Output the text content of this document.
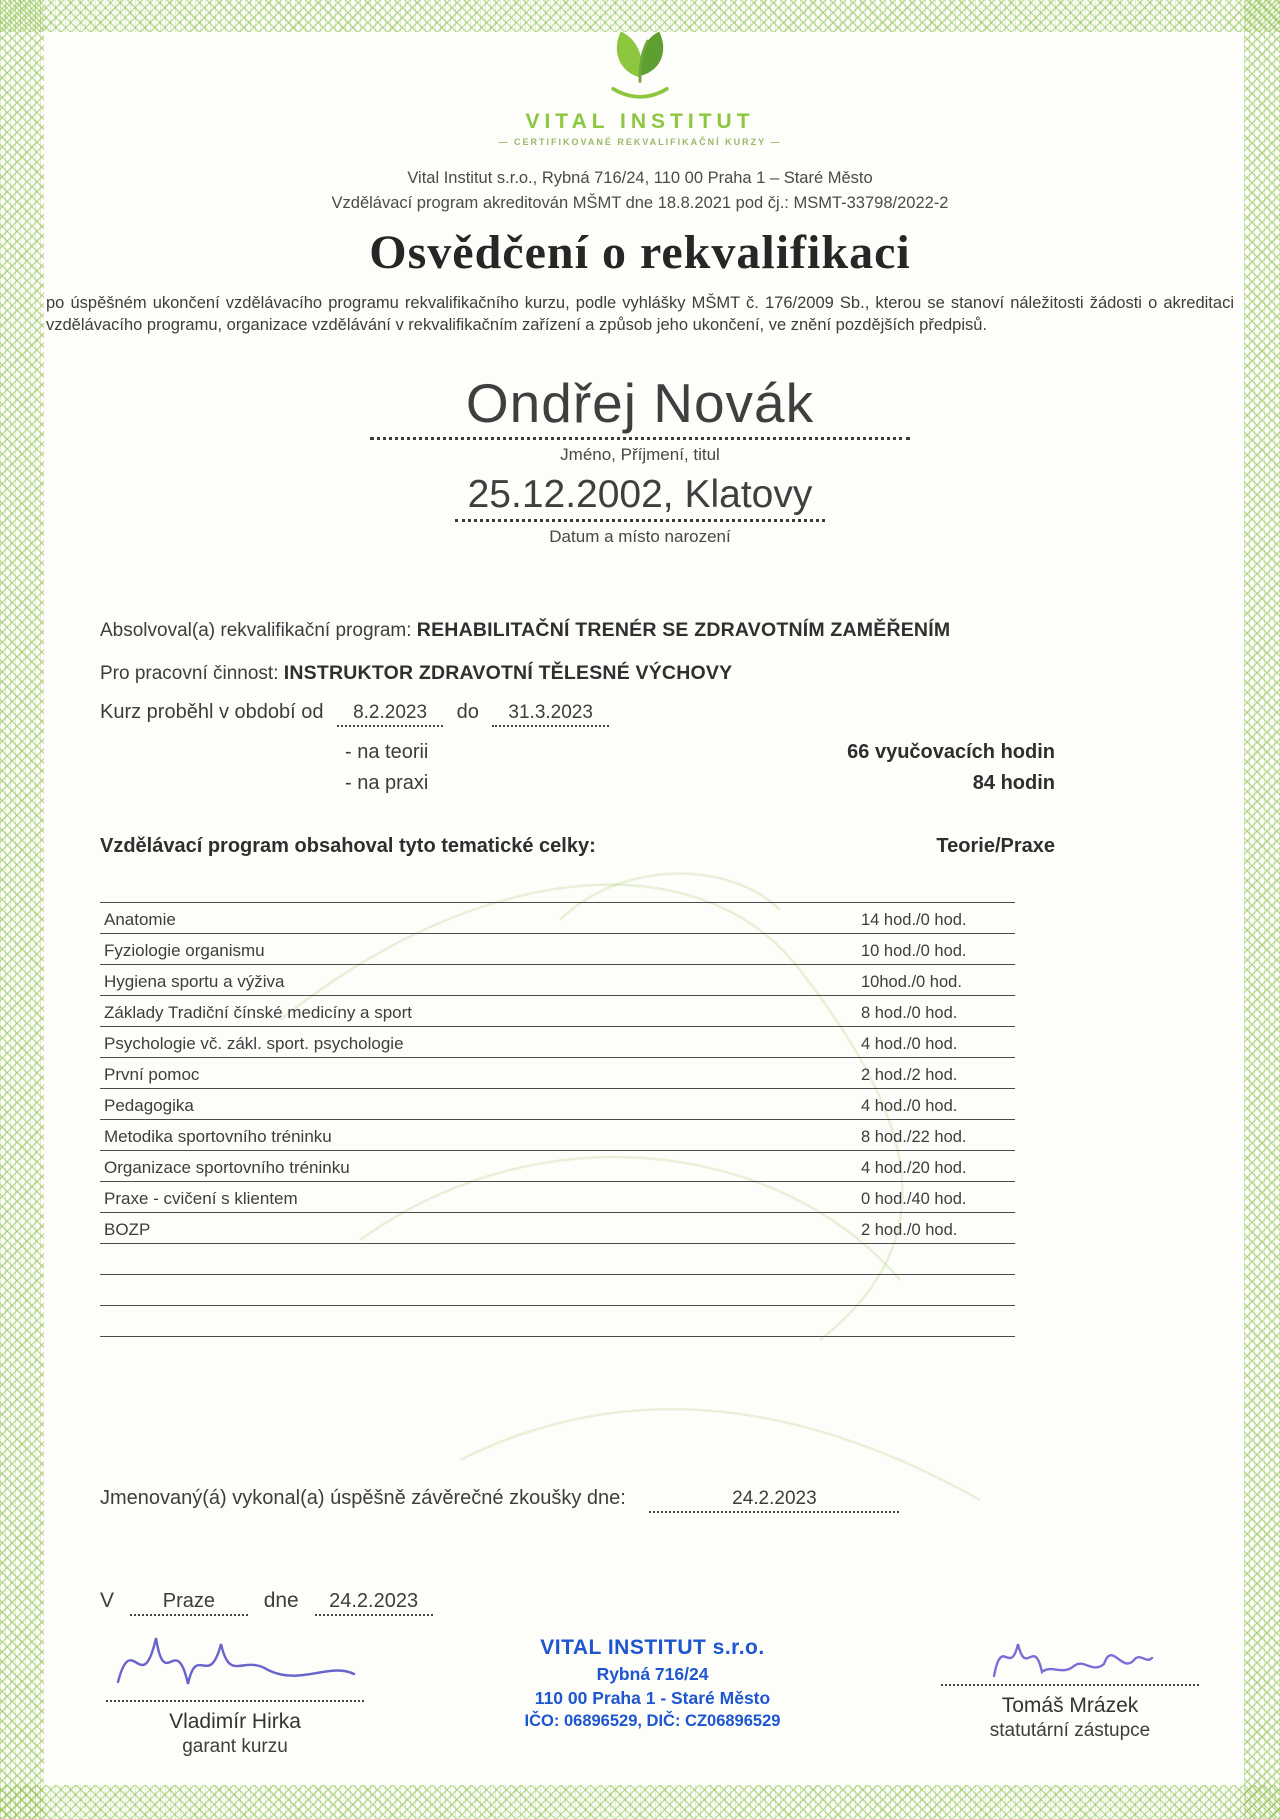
VITAL INSTITUT
— CERTIFIKOVANÉ REKVALIFIKAČNÍ KURZY —

Vital Institut s.r.o., Rybná 716/24, 110 00 Praha 1 – Staré Město

Vzdělávací program akreditován MŠMT dne 18.8.2021 pod čj.: MSMT-33798/2022-2

Osvědčení o rekvalifikaci

po úspěšném ukončení vzdělávacího programu rekvalifikačního kurzu, podle vyhlášky MŠMT č. 176/2009 Sb., kterou se stanoví náležitosti žádosti o akreditaci vzdělávacího programu, organizace vzdělávání v rekvalifikačním zařízení a způsob jeho ukončení, ve znění pozdějších předpisů.

Ondřej Novák
Jméno, Příjmení, titul
25.12.2002, Klatovy
Datum a místo narození
Absolvoval(a) rekvalifikační program: REHABILITAČNÍ TRENÉR SE ZDRAVOTNÍM ZAMĚŘENÍM
Pro pracovní činnost: INSTRUKTOR ZDRAVOTNÍ TĚLESNÉ VÝCHOVY
Kurz proběhl v období od 8.2.2023 do 31.3.2023
- na teorii	66 vyučovacích hodin
- na praxi	84 hodin
Vzdělávací program obsahoval tyto tematické celky:	Teorie/Praxe
Anatomie	14 hod./0 hod.
Fyziologie organismu	10 hod./0 hod.
Hygiena sportu a výživa	10hod./0 hod.
Základy Tradiční čínské medicíny a sport	8 hod./0 hod.
Psychologie vč. zákl. sport. psychologie	4 hod./0 hod.
První pomoc	2 hod./2 hod.
Pedagogika	4 hod./0 hod.
Metodika sportovního tréninku	8 hod./22 hod.
Organizace sportovního tréninku	4 hod./20 hod.
Praxe - cvičení s klientem	0 hod./40 hod.
BOZP	2 hod./0 hod.
Jmenovaný(á) vykonal(a) úspěšně závěrečné zkoušky dne:	24.2.2023
V Praze dne 24.2.2023
Vladimír Hirka
garant kurzu
VITAL INSTITUT s.r.o.
Rybná 716/24
110 00 Praha 1 - Staré Město
IČO: 06896529, DIČ: CZ06896529
Tomáš Mrázek
statutární zástupce
